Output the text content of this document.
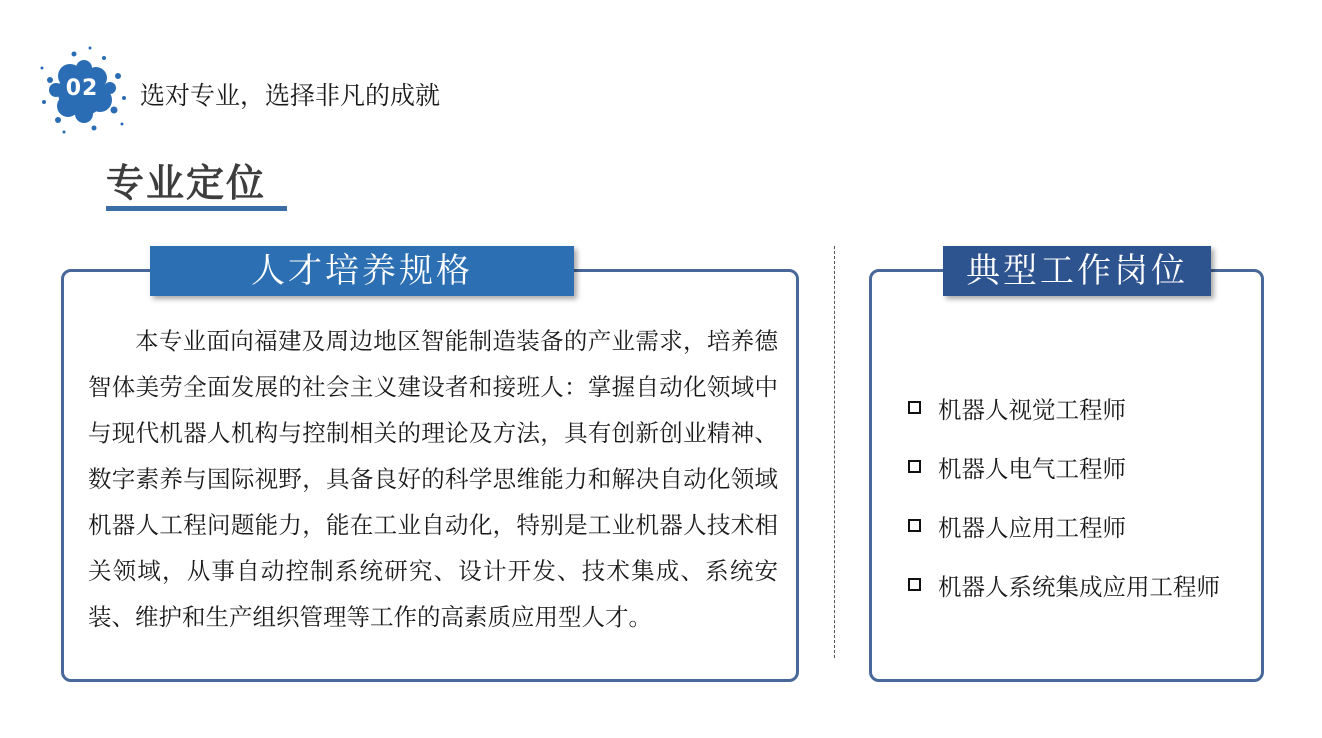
02	选对专业，选择非凡的成就
专业定位
人才培养规格

本专业面向福建及周边地区智能制造装备的产业需求，培养德智体美劳全面发展的社会主义建设者和接班人：掌握自动化领域中与现代机器人机构与控制相关的理论及方法，具有创新创业精神、数字素养与国际视野，具备良好的科学思维能力和解决自动化领域机器人工程问题能力，能在工业自动化，特别是工业机器人技术相关领域，从事自动控制系统研究、设计开发、技术集成、系统安装、维护和生产组织管理等工作的高素质应用型人才。

典型工作岗位
机器人视觉工程师
机器人电气工程师
机器人应用工程师
机器人系统集成应用工程师
